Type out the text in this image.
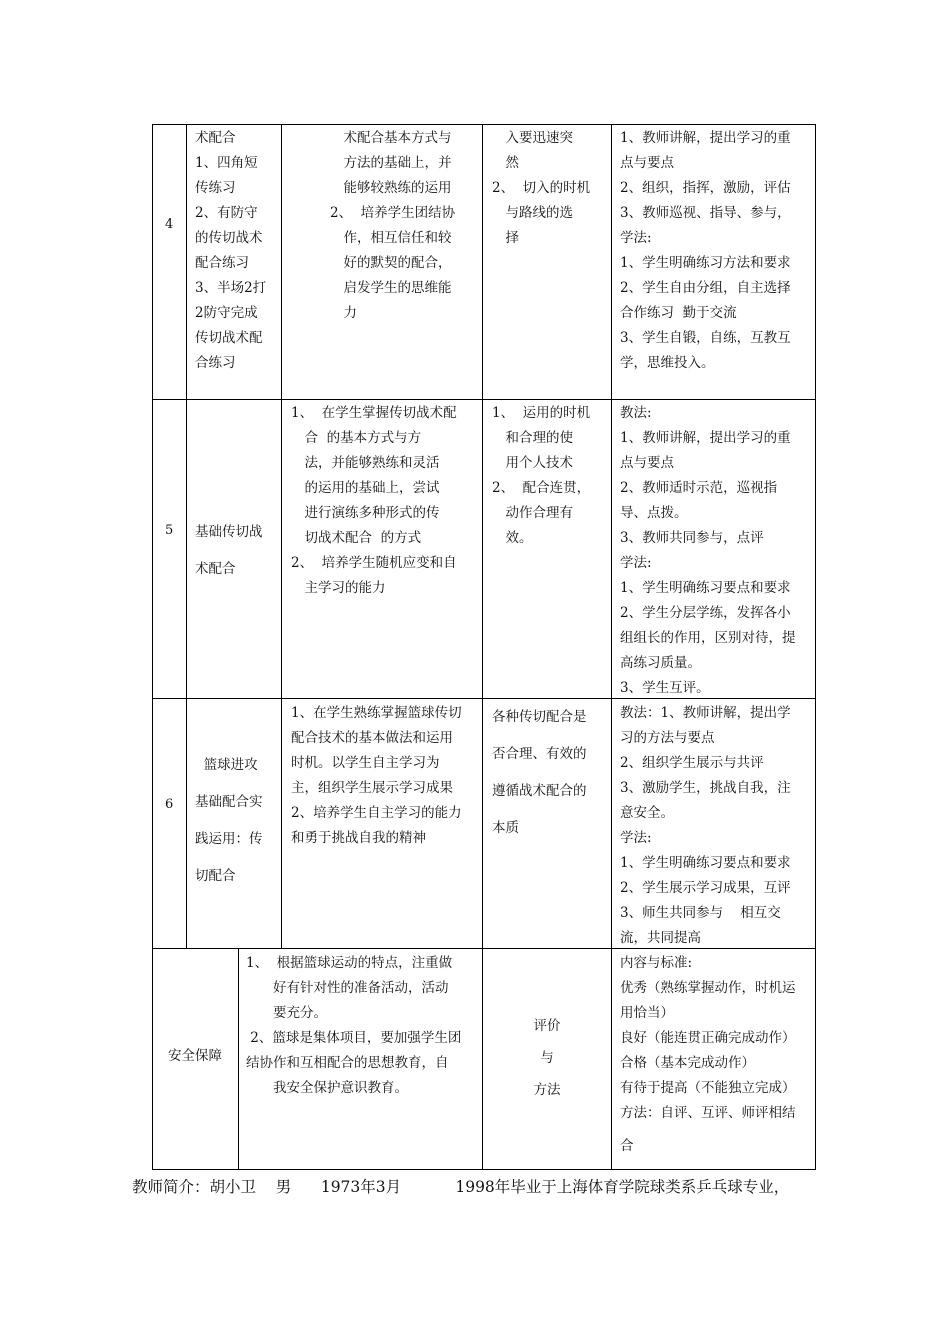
4
术配合
1、四角短
传练习
2、有防守
的传切战术
配合练习
3、半场2打
2防守完成
传切战术配
合练习
　术配合基本方式与
　方法的基础上，并
　能够较熟练的运用
2、  培养学生团结协
　作，相互信任和较
　好的默契的配合，
　启发学生的思维能
　力
　入要迅速突
　然
2、  切入的时机
　与路线的选
　择
1、教师讲解，提出学习的重
点与要点
2、组织，指挥，激励，评估
3、教师巡视、指导、参与，
学法:
1、学生明确练习方法和要求
2、学生自由分组，自主选择
合作练习  勤于交流
3、学生自锻，自练，互教互
学，思维投入。
5 基础传切战
术配合
1、  在学生掌握传切战术配
　合  的基本方式与方
　法，并能够熟练和灵活
　的运用的基础上，尝试
　进行演练多种形式的传
　切战术配合  的方式
2、  培养学生随机应变和自
　主学习的能力
1、  运用的时机
　和合理的使
　用个人技术
2、  配合连贯，
　动作合理有
　效。
教法:
1、教师讲解，提出学习的重
点与要点
2、教师适时示范，巡视指
导、点拨。
3、教师共同参与，点评
学法:
1、学生明确练习要点和要求
2、学生分层学练，发挥各小
组组长的作用，区别对待，提
高练习质量。
3、学生互评。
6
篮球进攻
基础配合实
践运用：传
切配合
1、在学生熟练掌握篮球传切
配合技术的基本做法和运用
时机。以学生自主学习为
主，组织学生展示学习成果
2、培养学生自主学习的能力
和勇于挑战自我的精神
各种传切配合是
否合理、有效的
遵循战术配合的
本质
教法：1、教师讲解，提出学
习的方法与要点
2、组织学生展示与共评
3、激励学生，挑战自我，注
意安全。
学法:
1、学生明确练习要点和要求
2、学生展示学习成果，互评
3、师生共同参与    相互交
流，共同提高
安全保障
1、  根据篮球运动的特点，注重做
　　好有针对性的准备活动，活动
　　要充分。
2、篮球是集体项目，要加强学生团
结协作和互相配合的思想教育，自
　　我安全保护意识教育。
评价
与
方法
内容与标准:
优秀（熟练掌握动作，时机运
用恰当）
良好（能连贯正确完成动作）
合格（基本完成动作）
有待于提高（不能独立完成）
方法：自评、互评、师评相结
合
教师简介：胡小卫 男 1973年3月	1998年毕业于上海体育学院球类系乒乓球专业，
